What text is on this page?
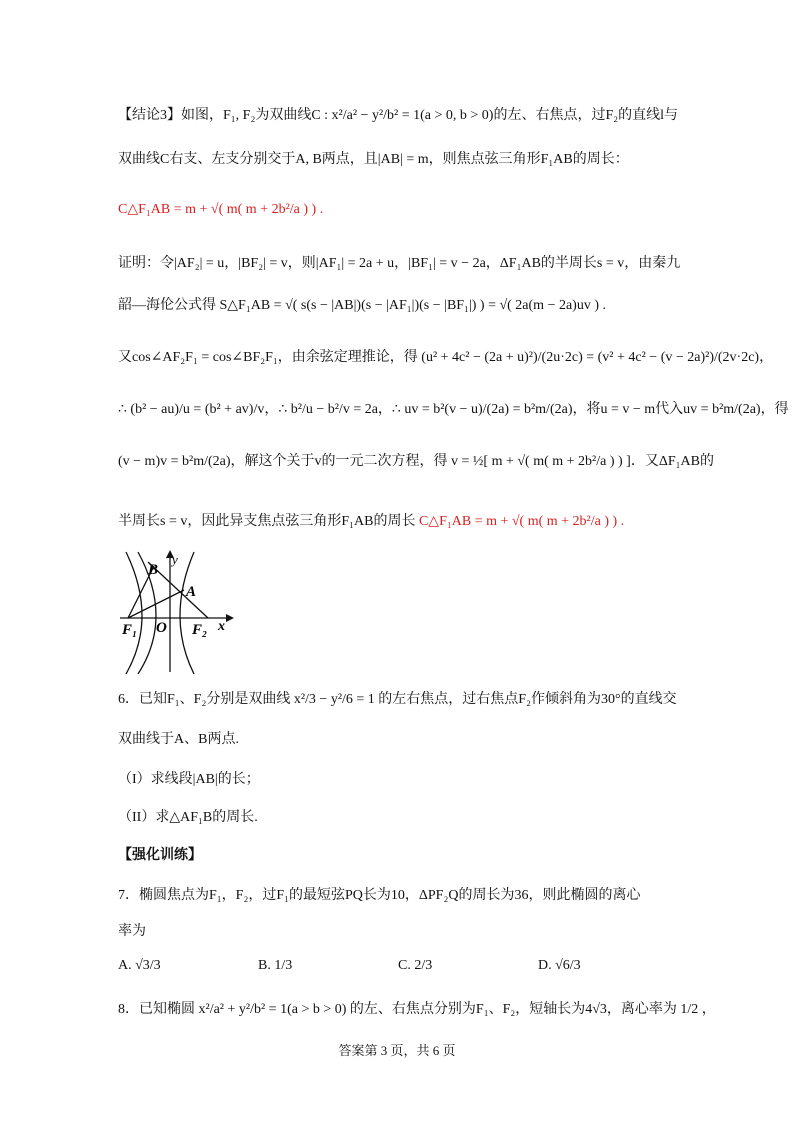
【结论3】如图，F₁, F₂为双曲线C : x²/a² − y²/b² = 1(a > 0, b > 0)的左、右焦点，过F₂的直线l与
双曲线C右支、左支分别交于A, B两点，且|AB| = m，则焦点弦三角形F₁AB的周长：
C△F₁AB = m + √( m( m + 2b²/a ) ) .
证明：令|AF₂| = u，|BF₂| = v，则|AF₁| = 2a + u，|BF₁| = v − 2a，ΔF₁AB的半周长s = v，由秦九
韶—海伦公式得 S△F₁AB = √( s(s − |AB|)(s − |AF₁|)(s − |BF₁|) ) = √( 2a(m − 2a)uv ) .
又cos∠AF₂F₁ = cos∠BF₂F₁，由余弦定理推论，得 (u² + 4c² − (2a + u)²)/(2u·2c) = (v² + 4c² − (v − 2a)²)/(2v·2c)，
∴ (b² − au)/u = (b² + av)/v，∴ b²/u − b²/v = 2a，∴ uv = b²(v − u)/(2a) = b²m/(2a)，将u = v − m代入uv = b²m/(2a)，得
(v − m)v = b²m/(2a)，解这个关于v的一元二次方程，得 v = ½[ m + √( m( m + 2b²/a ) ) ]．又ΔF₁AB的
半周长s = v，因此异支焦点弦三角形F₁AB的周长 C△F₁AB = m + √( m( m + 2b²/a ) ) .
B
y
A
F₁ O F₂ x
6．已知F₁、F₂分别是双曲线 x²/3 − y²/6 = 1 的左右焦点，过右焦点F₂作倾斜角为30°的直线交
双曲线于A、B两点.
（I）求线段|AB|的长；
（II）求△AF₁B的周长.
【强化训练】
7．椭圆焦点为F₁，F₂，过F₁的最短弦PQ长为10，ΔPF₂Q的周长为36，则此椭圆的离心
率为
A. √3/3	B. 1/3	C. 2/3	D. √6/3
8．已知椭圆 x²/a² + y²/b² = 1(a > b > 0) 的左、右焦点分别为F₁、F₂，短轴长为4√3，离心率为 1/2 ，
答案第 3 页，共 6 页
